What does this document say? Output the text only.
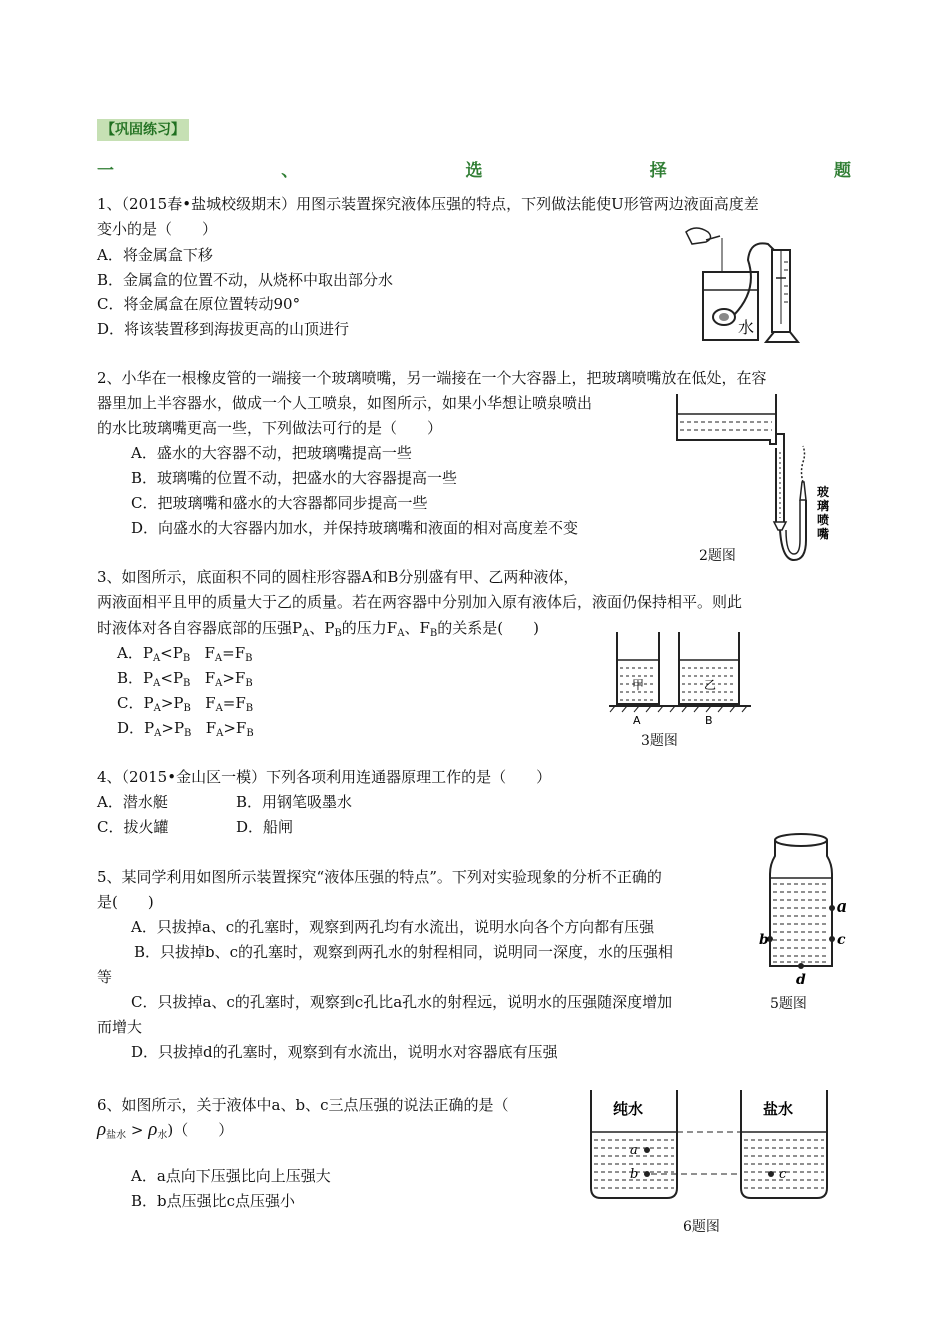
【巩固练习】
一	、	选	择	题
1、（2015春•盐城校级期末）用图示装置探究液体压强的特点，下列做法能使U形管两边液面高度差
变小的是（　　）
A．将金属盒下移
B．金属盒的位置不动，从烧杯中取出部分水
C．将金属盒在原位置转动90°
D．将该装置移到海拔更高的山顶进行	水
2、小华在一根橡皮管的一端接一个玻璃喷嘴，另一端接在一个大容器上，把玻璃喷嘴放在低处，在容
器里加上半容器水，做成一个人工喷泉，如图所示，如果小华想让喷泉喷出
的水比玻璃嘴更高一些，下列做法可行的是（　　）
A．盛水的大容器不动，把玻璃嘴提高一些
B．玻璃嘴的位置不动，把盛水的大容器提高一些
C．把玻璃嘴和盛水的大容器都同步提高一些
D．向盛水的大容器内加水，并保持玻璃嘴和液面的相对高度差不变
玻
璃
喷
嘴
2题图
3、如图所示，底面积不同的圆柱形容器A和B分别盛有甲、乙两种液体，
两液面相平且甲的质量大于乙的质量。若在两容器中分别加入原有液体后，液面仍保持相平。则此
时液体对各自容器底部的压强$P_A$、$P_B$的压力$F_A$、$F_B$的关系是(　　)
A．$P_A<P_B$   $F_A=F_B$
B．$P_A<P_B$   $F_A>F_B$
C．$P_A>P_B$   $F_A=F_B$
D．$P_A>P_B$   $F_A>F_B$
甲	乙
A	B
3题图
4、（2015•金山区一模）下列各项利用连通器原理工作的是（　　）
A．潜水艇	B．用钢笔吸墨水
C．拔火罐	D．船闸
5、某同学利用如图所示装置探究“液体压强的特点”。下列对实验现象的分析不正确的
是(　　)
A．只拔掉a、c的孔塞时，观察到两孔均有水流出，说明水向各个方向都有压强
B．只拔掉b、c的孔塞时，观察到两孔水的射程相同，说明同一深度，水的压强相
等
C．只拔掉a、c的孔塞时，观察到c孔比a孔水的射程远，说明水的压强随深度增加
而增大
D．只拔掉d的孔塞时，观察到有水流出，说明水对容器底有压强
a
b	c
d
5题图
6、如图所示，关于液体中a、b、c三点压强的说法正确的是（
$\rho_{盐水} > \rho_水$)（　　）
A．a点向下压强比向上压强大
B．b点压强比c点压强小
纯水
a
b
盐水
c
6题图
